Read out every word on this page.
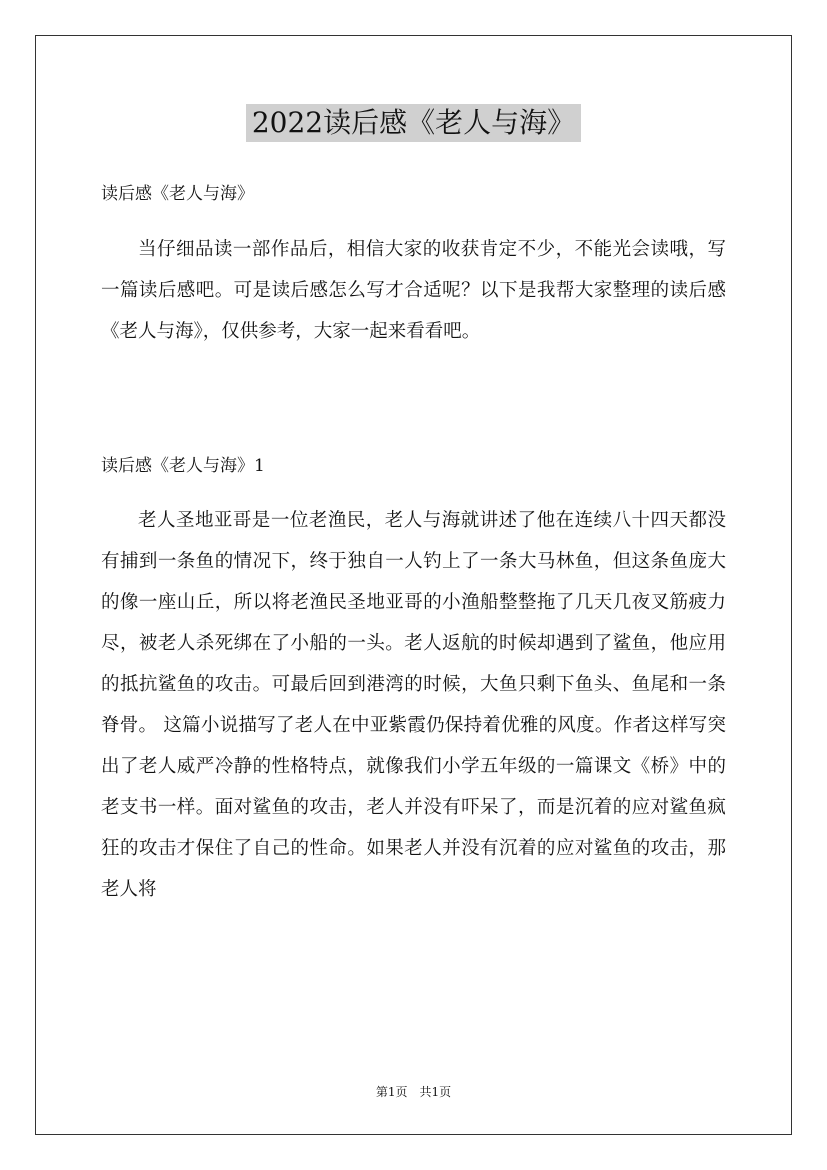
2022读后感《老人与海》
读后感《老人与海》

当仔细品读一部作品后，相信大家的收获肯定不少，不能光会读哦，写一篇读后感吧。可是读后感怎么写才合适呢？以下是我帮大家整理的读后感《老人与海》，仅供参考，大家一起来看看吧。

读后感《老人与海》1

老人圣地亚哥是一位老渔民，老人与海就讲述了他在连续八十四天都没有捕到一条鱼的情况下，终于独自一人钓上了一条大马林鱼，但这条鱼庞大的像一座山丘，所以将老渔民圣地亚哥的小渔船整整拖了几天几夜叉筋疲力尽，被老人杀死绑在了小船的一头。老人返航的时候却遇到了鲨鱼，他应用的抵抗鲨鱼的攻击。可最后回到港湾的时候，大鱼只剩下鱼头、鱼尾和一条脊骨。 这篇小说描写了老人在中亚紫霞仍保持着优雅的风度。作者这样写突出了老人威严冷静的性格特点，就像我们小学五年级的一篇课文《桥》中的老支书一样。面对鲨鱼的攻击，老人并没有吓呆了，而是沉着的应对鲨鱼疯狂的攻击才保住了自己的性命。如果老人并没有沉着的应对鲨鱼的攻击，那老人将

第1页　共1页
